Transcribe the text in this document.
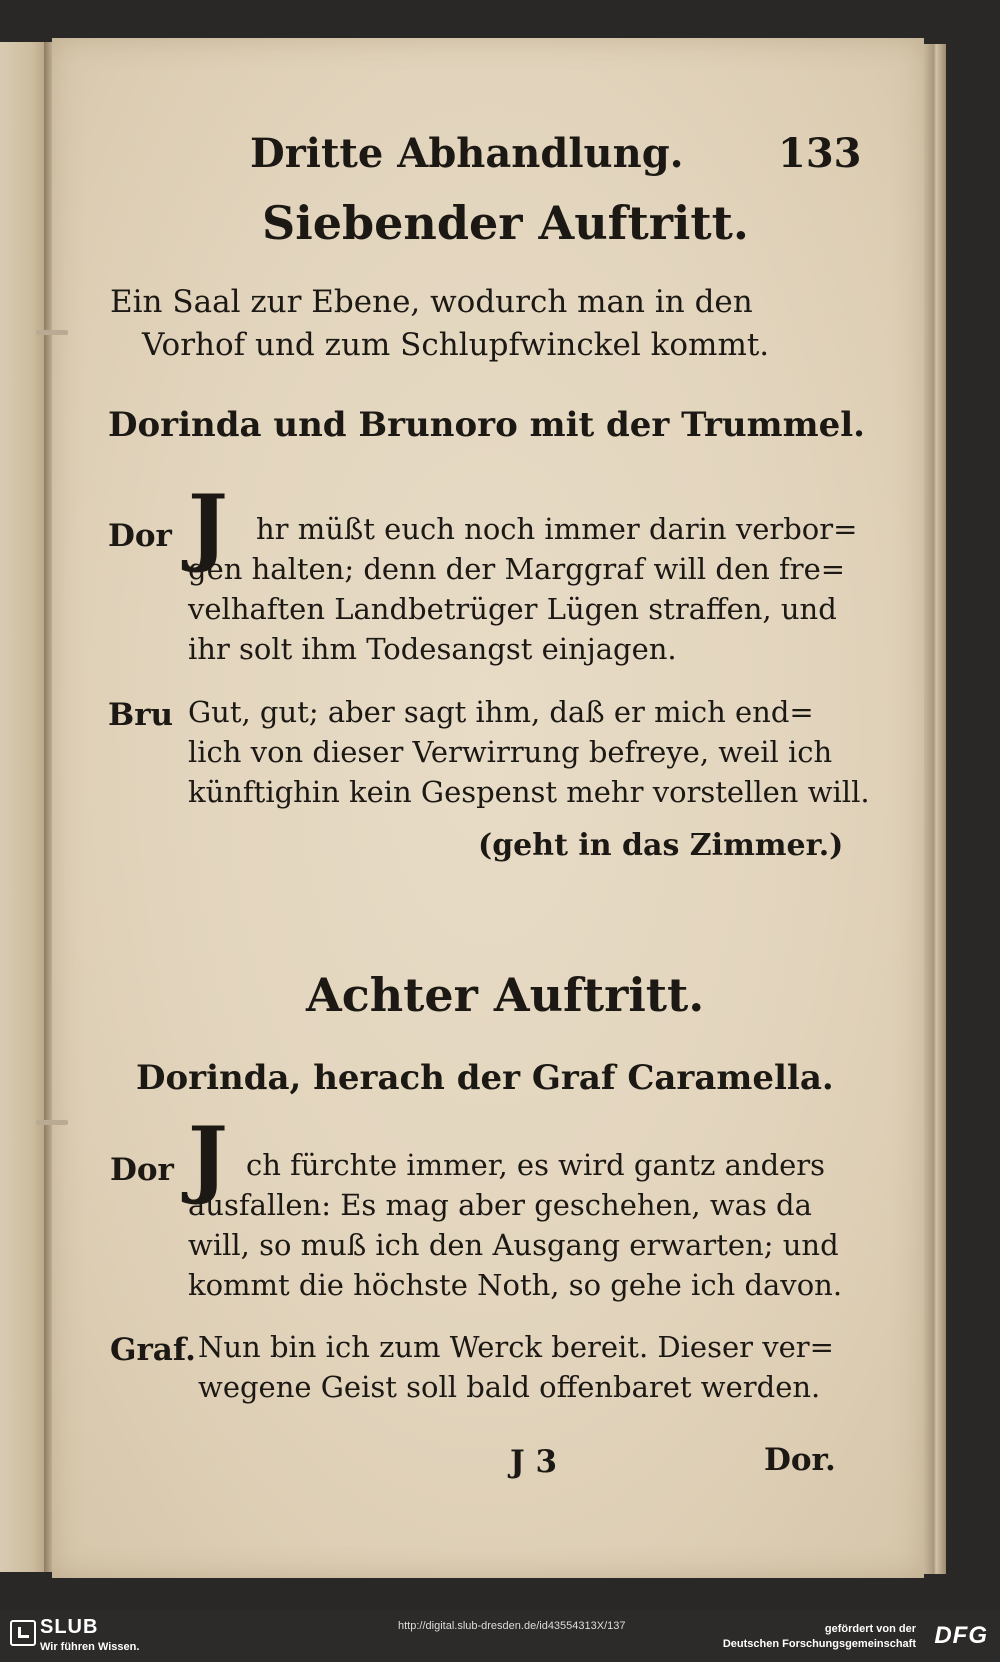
Dritte Abhandlung. 133
Siebender Auftritt.
Ein Saal zur Ebene, wodurch man in den
Vorhof und zum Schlupfwinckel kommt.
Dorinda und Brunoro mit der Trummel.
Dor J hr müßt euch noch immer darin verbor=
gen halten; denn der Marggraf will den fre=
velhaften Landbetrüger Lügen straffen, und
ihr solt ihm Todesangst einjagen.
Bru Gut, gut; aber sagt ihm, daß er mich end=
lich von dieser Verwirrung befreye, weil ich
künftighin kein Gespenst mehr vorstellen will.
(geht in das Zimmer.)
Achter Auftritt.
Dorinda, herach der Graf Caramella.
Dor J ch fürchte immer, es wird gantz anders
ausfallen: Es mag aber geschehen, was da
will, so muß ich den Ausgang erwarten; und
kommt die höchste Noth, so gehe ich davon.
Graf. Nun bin ich zum Werck bereit. Dieser ver=
wegene Geist soll bald offenbaret werden.
J 3	Dor.
SLUB
Wir führen Wissen.
http://digital.slub-dresden.de/id43554313X/137	gefördert von der
Deutschen Forschungsgemeinschaft DFG
